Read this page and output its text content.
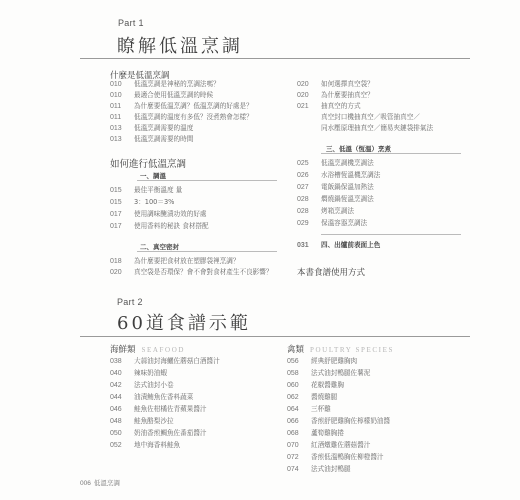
Part 1
瞭解低溫烹調
什麼是低溫烹調
010 低溫烹調是神秘的烹調法嗎？
010 最適合使用低溫烹調的時候
011 為什麼要低溫烹調？低溫烹調的好處是？
011 低溫烹調的溫度有多低？沒煮熟會怎樣？
013 低溫烹調需要的溫度
013 低溫烹調需要的時間
如何進行低溫烹調
一、調溫
015 最佳平衡溫度 量
015 3：100＝3%
017 使用調味醃漬功效的好處
017 使用香料的秘訣 食材搭配
二、真空密封
018 為什麼要把食材放在塑膠袋裡烹調？
020 真空袋是否環保？會不會對食材產生不良影響？
020 如何選擇真空袋？
020 為什麼要抽真空？
021 抽真空的方式
真空封口機抽真空／吸管抽真空／
同水壓原理抽真空／簡易夾鏈袋排氣法
三、低溫（恆溫）烹煮
025 低溫烹調機烹調法
026 水浴槽恆溫機烹調法
027 電飯鍋保溫加熱法
028 燜燒鍋恆溫烹調法
028 烤箱烹調法
029 保溫容器烹調法
031 四、出爐前表面上色
本書食譜使用方式
Part 2
60道食譜示範
海鮮類 SEAFOOD
038 大蒜油封海鱺佐蘑菇白酒醬汁
040 辣味奶油蝦
042 法式油封小卷
044 油漬鮪魚佐香料蔬菜
046 鮭魚佐柑橘佐青蘋果醬汁
048 鮭魚酪梨沙拉
050 奶油香煎鯛魚佐番茄醬汁
052 地中海香料鮭魚
禽類 POULTRY SPECIES
056 經典舒肥雞胸肉
058 法式油封鴨腿佐薯泥
060 花椒醬雞胸
062 醬燒雞腿
064 三杯雞
066 香煎舒肥雞胸佐檸檬奶油醬
068 蘆筍雞胸捲
070 紅酒燉雞佐蘑菇醬汁
072 香煎低溫鴨胸佐柳橙醬汁
074 法式油封鴨腿
006 低溫烹調
